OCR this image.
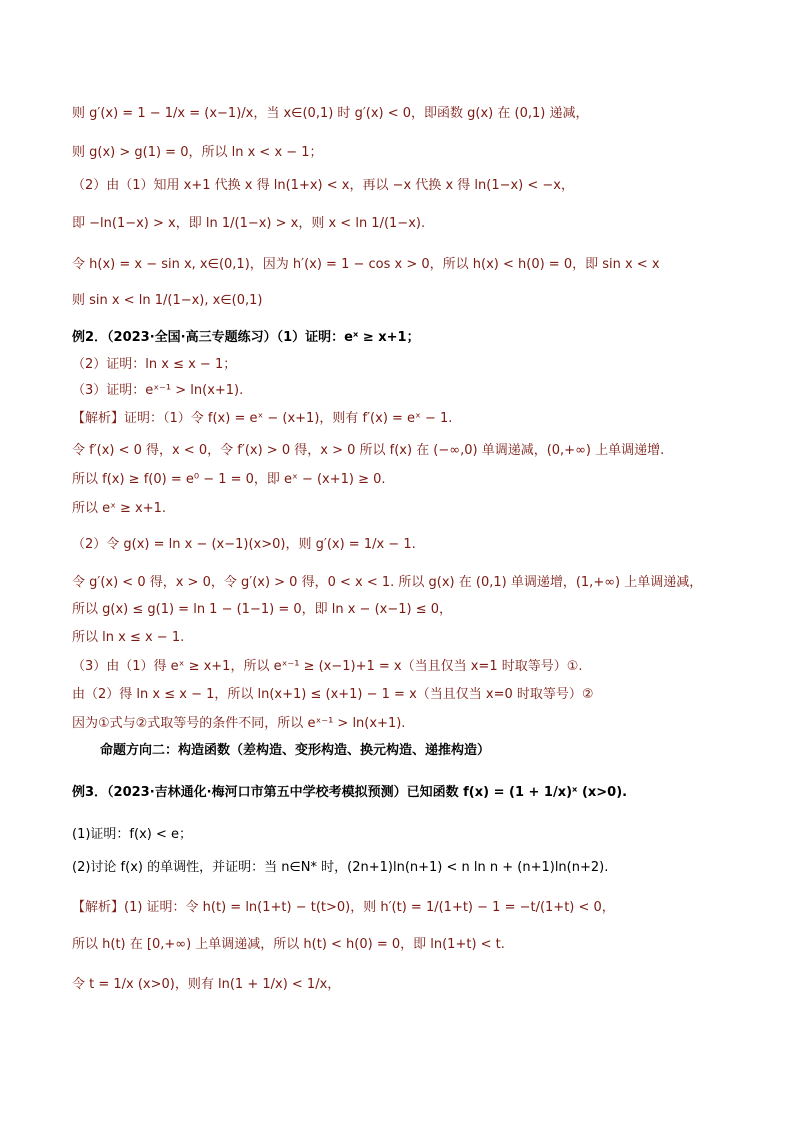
则 g′(x) = 1 − 1/x = (x−1)/x，当 x∈(0,1) 时 g′(x) < 0，即函数 g(x) 在 (0,1) 递减，
则 g(x) > g(1) = 0，所以 ln x < x − 1；
（2）由（1）知用 x+1 代换 x 得 ln(1+x) < x，再以 −x 代换 x 得 ln(1−x) < −x，
即 −ln(1−x) > x，即 ln 1/(1−x) > x，则 x < ln 1/(1−x).
令 h(x) = x − sin x, x∈(0,1)，因为 h′(x) = 1 − cos x > 0，所以 h(x) < h(0) = 0，即 sin x < x
则 sin x < ln 1/(1−x), x∈(0,1)
例2．（2023·全国·高三专题练习）（1）证明：eˣ ≥ x+1；
（2）证明：ln x ≤ x − 1；
（3）证明：eˣ⁻¹ > ln(x+1).
【解析】证明：（1）令 f(x) = eˣ − (x+1)，则有 f′(x) = eˣ − 1.
令 f′(x) < 0 得，x < 0，令 f′(x) > 0 得，x > 0 所以 f(x) 在 (−∞,0) 单调递减，(0,+∞) 上单调递增.
所以 f(x) ≥ f(0) = e⁰ − 1 = 0，即 eˣ − (x+1) ≥ 0.
所以 eˣ ≥ x+1.
（2）令 g(x) = ln x − (x−1)(x>0)，则 g′(x) = 1/x − 1.
令 g′(x) < 0 得，x > 0，令 g′(x) > 0 得，0 < x < 1. 所以 g(x) 在 (0,1) 单调递增，(1,+∞) 上单调递减，
所以 g(x) ≤ g(1) = ln 1 − (1−1) = 0，即 ln x − (x−1) ≤ 0，
所以 ln x ≤ x − 1.
（3）由（1）得 eˣ ≥ x+1，所以 eˣ⁻¹ ≥ (x−1)+1 = x（当且仅当 x=1 时取等号）①.
由（2）得 ln x ≤ x − 1，所以 ln(x+1) ≤ (x+1) − 1 = x（当且仅当 x=0 时取等号）②
因为①式与②式取等号的条件不同，所以 eˣ⁻¹ > ln(x+1).
命题方向二：构造函数（差构造、变形构造、换元构造、递推构造）
例3．（2023·吉林通化·梅河口市第五中学校考模拟预测）已知函数 f(x) = (1 + 1/x)ˣ (x>0).
(1)证明：f(x) < e；
(2)讨论 f(x) 的单调性，并证明：当 n∈N* 时，(2n+1)ln(n+1) < n ln n + (n+1)ln(n+2).
【解析】(1) 证明：令 h(t) = ln(1+t) − t(t>0)，则 h′(t) = 1/(1+t) − 1 = −t/(1+t) < 0，
所以 h(t) 在 [0,+∞) 上单调递减，所以 h(t) < h(0) = 0，即 ln(1+t) < t.
令 t = 1/x (x>0)，则有 ln(1 + 1/x) < 1/x，
